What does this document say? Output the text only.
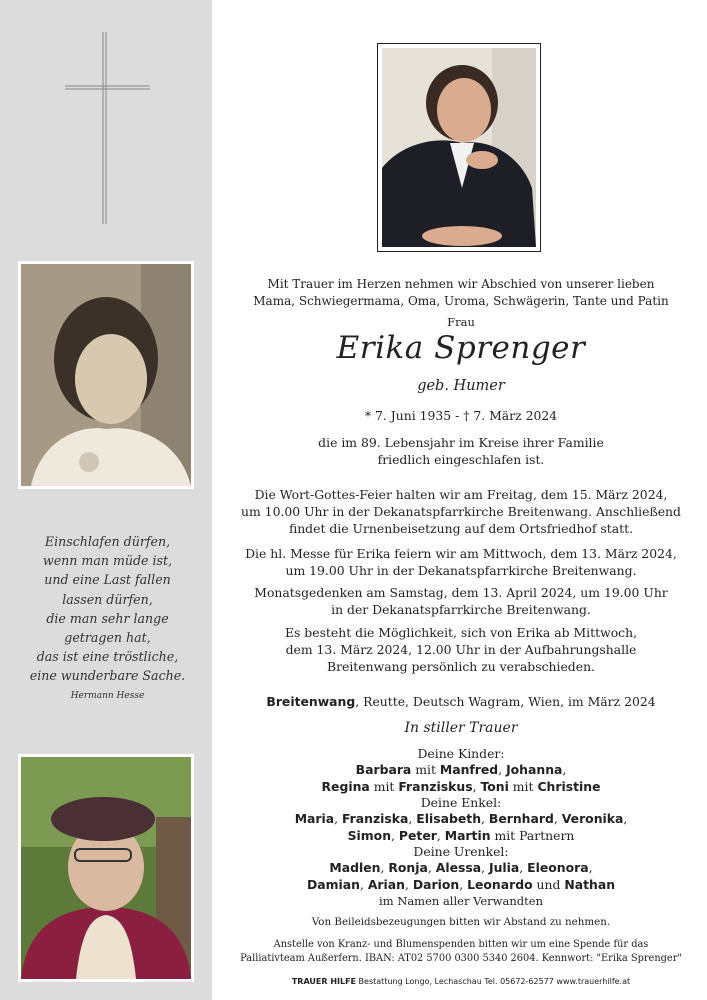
Einschlafen dürfen,
wenn man müde ist,
und eine Last fallen
lassen dürfen,
die man sehr lange
getragen hat,
das ist eine tröstliche,
eine wunderbare Sache.
Hermann Hesse
Mit Trauer im Herzen nehmen wir Abschied von unserer lieben
Mama, Schwiegermama, Oma, Uroma, Schwägerin, Tante und Patin
Frau
Erika Sprenger
geb. Humer
* 7. Juni 1935 - † 7. März 2024
die im 89. Lebensjahr im Kreise ihrer Familie
friedlich eingeschlafen ist.
Die Wort-Gottes-Feier halten wir am Freitag, dem 15. März 2024,
um 10.00 Uhr in der Dekanatspfarrkirche Breitenwang. Anschließend
findet die Urnenbeisetzung auf dem Ortsfriedhof statt.
Die hl. Messe für Erika feiern wir am Mittwoch, dem 13. März 2024,
um 19.00 Uhr in der Dekanatspfarrkirche Breitenwang.
Monatsgedenken am Samstag, dem 13. April 2024, um 19.00 Uhr
in der Dekanatspfarrkirche Breitenwang.
Es besteht die Möglichkeit, sich von Erika ab Mittwoch,
dem 13. März 2024, 12.00 Uhr in der Aufbahrungshalle
Breitenwang persönlich zu verabschieden.
Breitenwang, Reutte, Deutsch Wagram, Wien, im März 2024
In stiller Trauer
Deine Kinder:
Barbara mit Manfred, Johanna,
Regina mit Franziskus, Toni mit Christine
Deine Enkel:
Maria, Franziska, Elisabeth, Bernhard, Veronika,
Simon, Peter, Martin mit Partnern
Deine Urenkel:
Madlen, Ronja, Alessa, Julia, Eleonora,
Damian, Arian, Darion, Leonardo und Nathan
im Namen aller Verwandten
Von Beileidsbezeugungen bitten wir Abstand zu nehmen.
Anstelle von Kranz- und Blumenspenden bitten wir um eine Spende für das
Palliativteam Außerfern. IBAN: AT02 5700 0300 5340 2604. Kennwort: "Erika Sprenger"
TRAUER HILFE Bestattung Longo, Lechaschau Tel. 05672-62577 www.trauerhilfe.at
